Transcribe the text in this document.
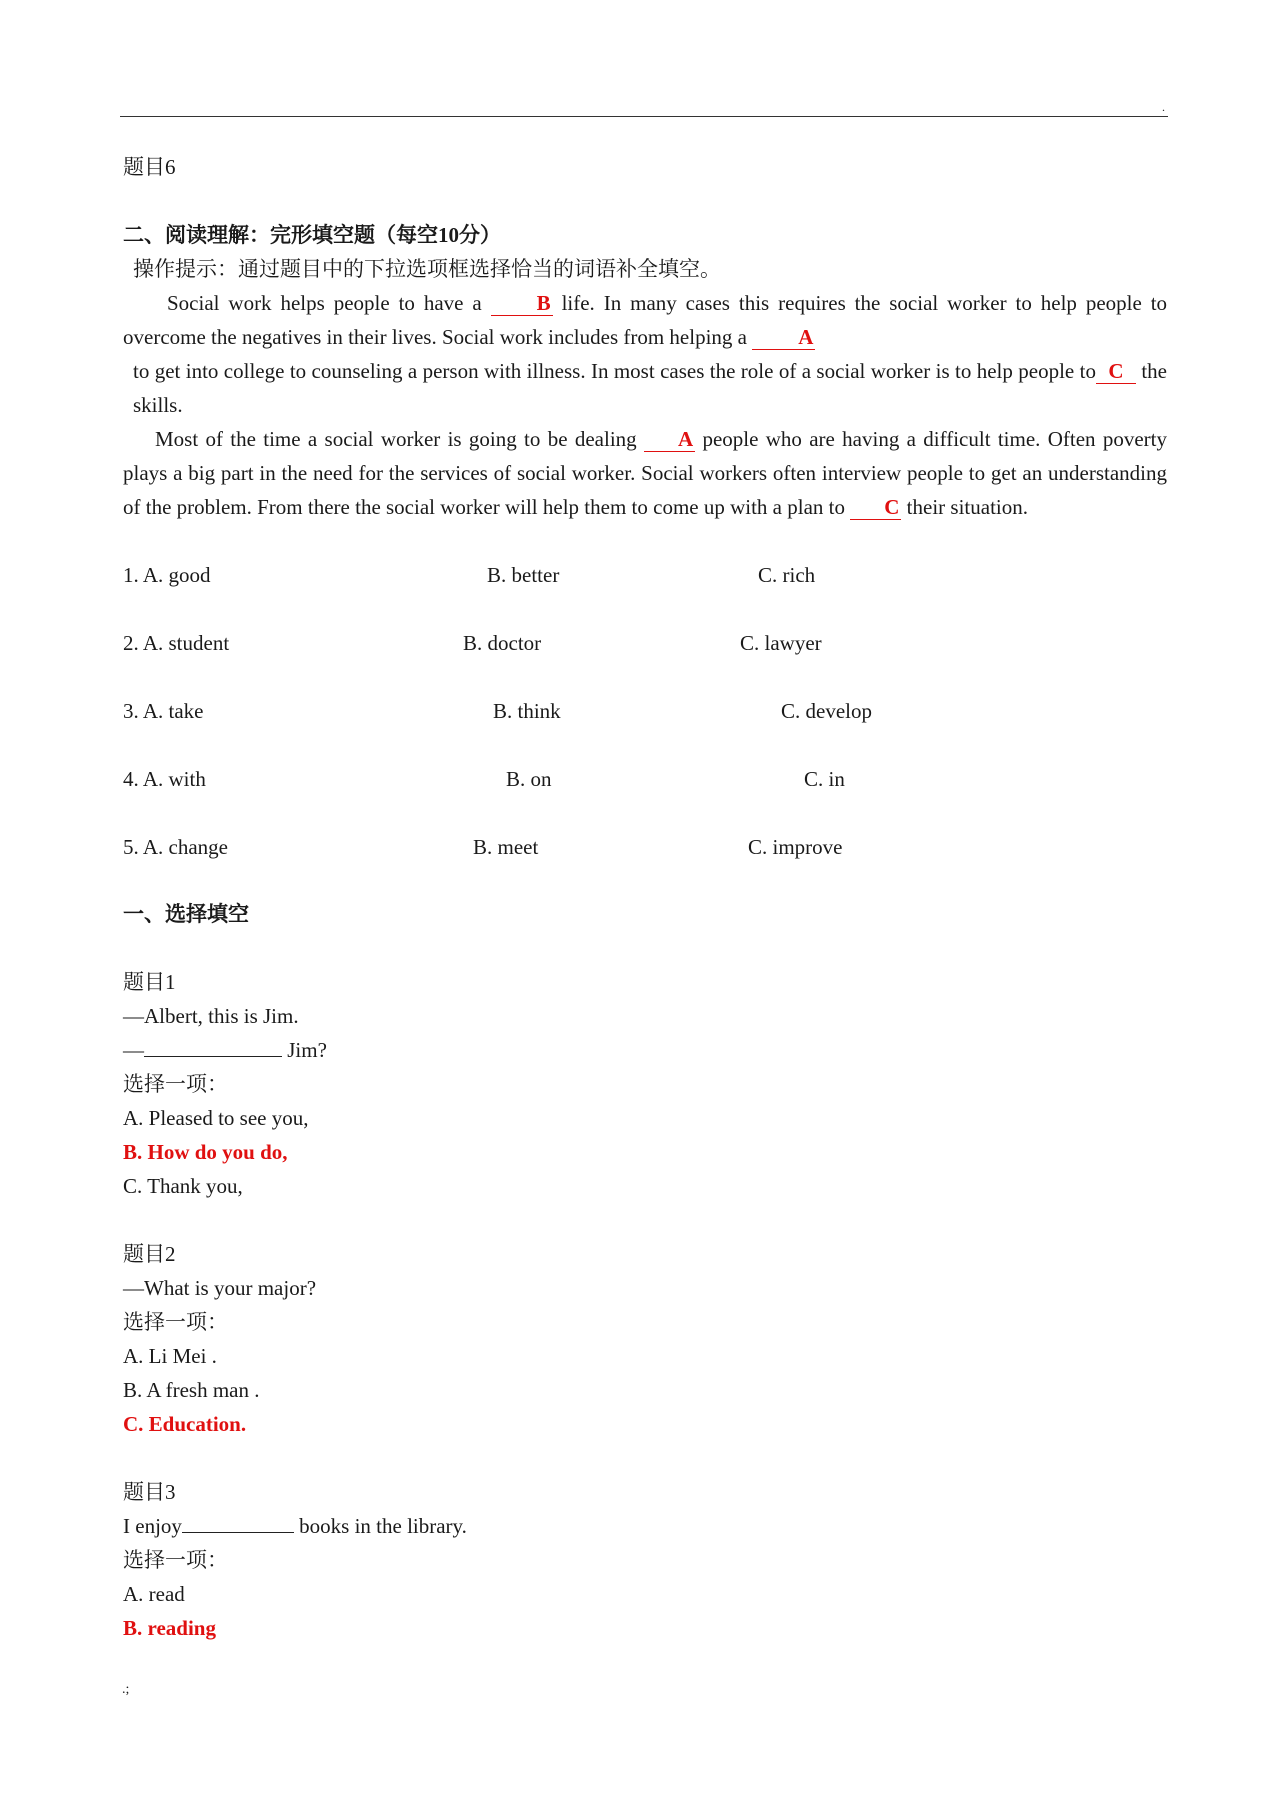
.

题目6

二、阅读理解：完形填空题（每空10分）

操作提示：通过题目中的下拉选项框选择恰当的词语补全填空。

Social work helps people to have a	B life. In many cases this requires the social worker to help people to overcome the negatives in their lives. Social work includes from helping a A

to get into college to counseling a person with illness. In most cases the role of a social worker is to help people to C the skills.

Most of the time a social worker is going to be dealing A people who are having a difficult time. Often poverty plays a big part in the need for the services of social worker. Social workers often interview people to get an understanding of the problem. From there the social worker will help them to come up with a plan to C their situation.

1. A. good	B. better	C. rich
2. A. student	B. doctor	C. lawyer
3. A. take	B. think	C. develop
4. A. with	B. on	C. in
5. A. change	B. meet	C. improve

一、选择填空

题目1

—Albert, this is Jim.

—	Jim?

选择一项：

A. Pleased to see you,

B. How do you do,

C. Thank you,

题目2

—What is your major?

选择一项：

A. Li Mei .

B. A fresh man .

C. Education.

题目3

I enjoy	books in the library.

选择一项：

A. read

B. reading

.;
